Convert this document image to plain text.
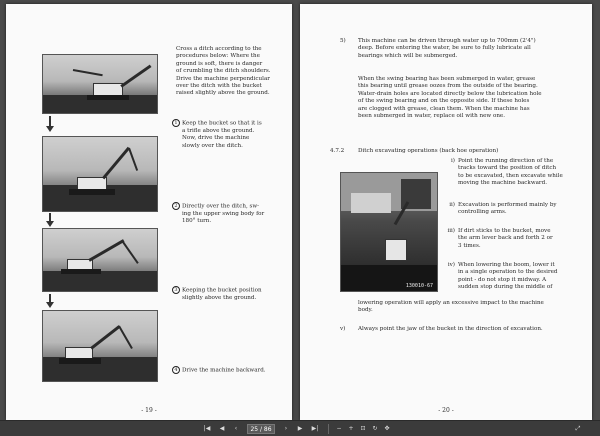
Cross a ditch according to the
procedures below: Where the
ground is soft, there is danger
of crumbling the ditch shoulders.
Drive the machine perpendicular
over the ditch with the bucket
raised slightly above the ground.
1 Keep the bucket so that it is
a trifle above the ground.
Now, drive the machine
slowly over the ditch.
2 Directly over the ditch, sw-
ing the upper swing body for
180° turn.
3 Keeping the bucket position
slightly above the ground.
4 Drive the machine backward.
- 19 -
5)	This machine can be driven through water up to 700mm (2'4")
deep. Before entering the water, be sure to fully lubricate all
bearings which will be submerged.
When the swing bearing has been submerged in water, grease
this bearing until grease oozes from the outside of the bearing.
Water-drain holes are located directly below the lubrication hole
of the swing bearing and on the opposite side. If these holes
are clogged with grease, clean them. When the machine has
been submerged in water, replace oil with new one.
4.7.2	Ditch excavating operations (back hoe operation)
130010-67
i) Point the running direction of the
tracks toward the position of ditch
to be excavated, then excavate while
moving the machine backward.
ii) Excavation is performed mainly by
controlling arms.
iii) If dirt sticks to the bucket, move
the arm lever back and forth 2 or
3 times.
iv) When lowering the boom, lower it
in a single operation to the desired
point - do not stop it midway. A
sudden stop during the middle of
lowering operation will apply an excessive impact to the machine
body.
v)	Always point the jaw of the bucket in the direction of excavation.
- 20 -
|◀	◀	‹	25 / 86	›	▶	▶|	−	+	⊡	↻	✥	⤢
